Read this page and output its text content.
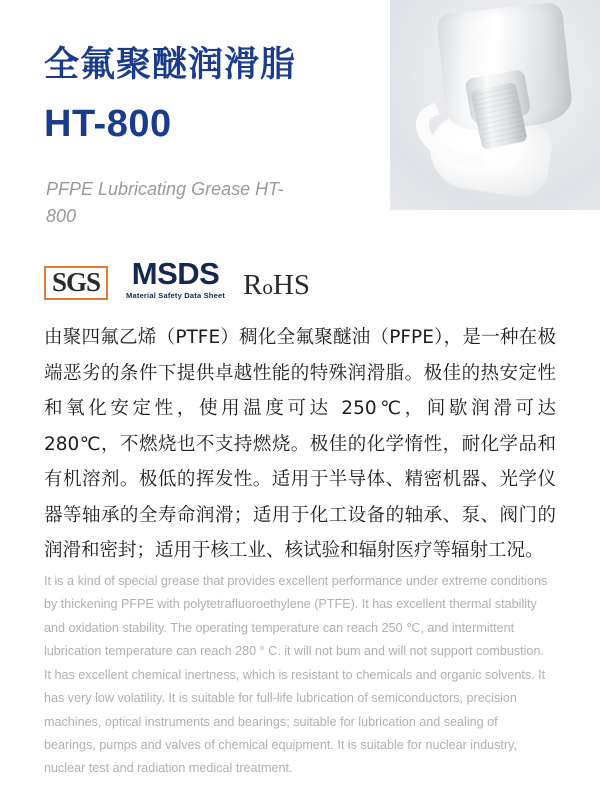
全氟聚醚润滑脂
HT-800
PFPE Lubricating Grease HT-800
SGS MSDS
Material Safety Data Sheet RoHS

由聚四氟乙烯（PTFE）稠化全氟聚醚油（PFPE），是一种在极端恶劣的条件下提供卓越性能的特殊润滑脂。极佳的热安定性和氧化安定性，使用温度可达 250℃，间歇润滑可达 280℃，不燃烧也不支持燃烧。极佳的化学惰性，耐化学品和有机溶剂。极低的挥发性。适用于半导体、精密机器、光学仪器等轴承的全寿命润滑；适用于化工设备的轴承、泵、阀门的润滑和密封；适用于核工业、核试验和辐射医疗等辐射工况。

It is a kind of special grease that provides excellent performance under extreme conditions by thickening PFPE with polytetrafluoroethylene (PTFE). It has excellent thermal stability and oxidation stability. The operating temperature can reach 250 ℃, and intermittent lubrication temperature can reach 280 ° C. it will not bum and will not support combustion. It has excellent chemical inertness, which is resistant to chemicals and organic solvents. It has very low volatility. It is suitable for full-life lubrication of semiconductors, precision machines, optical instruments and bearings; suitable for lubrication and sealing of bearings, pumps and valves of chemical equipment. It is suitable for nuclear industry, nuclear test and radiation medical treatment.
